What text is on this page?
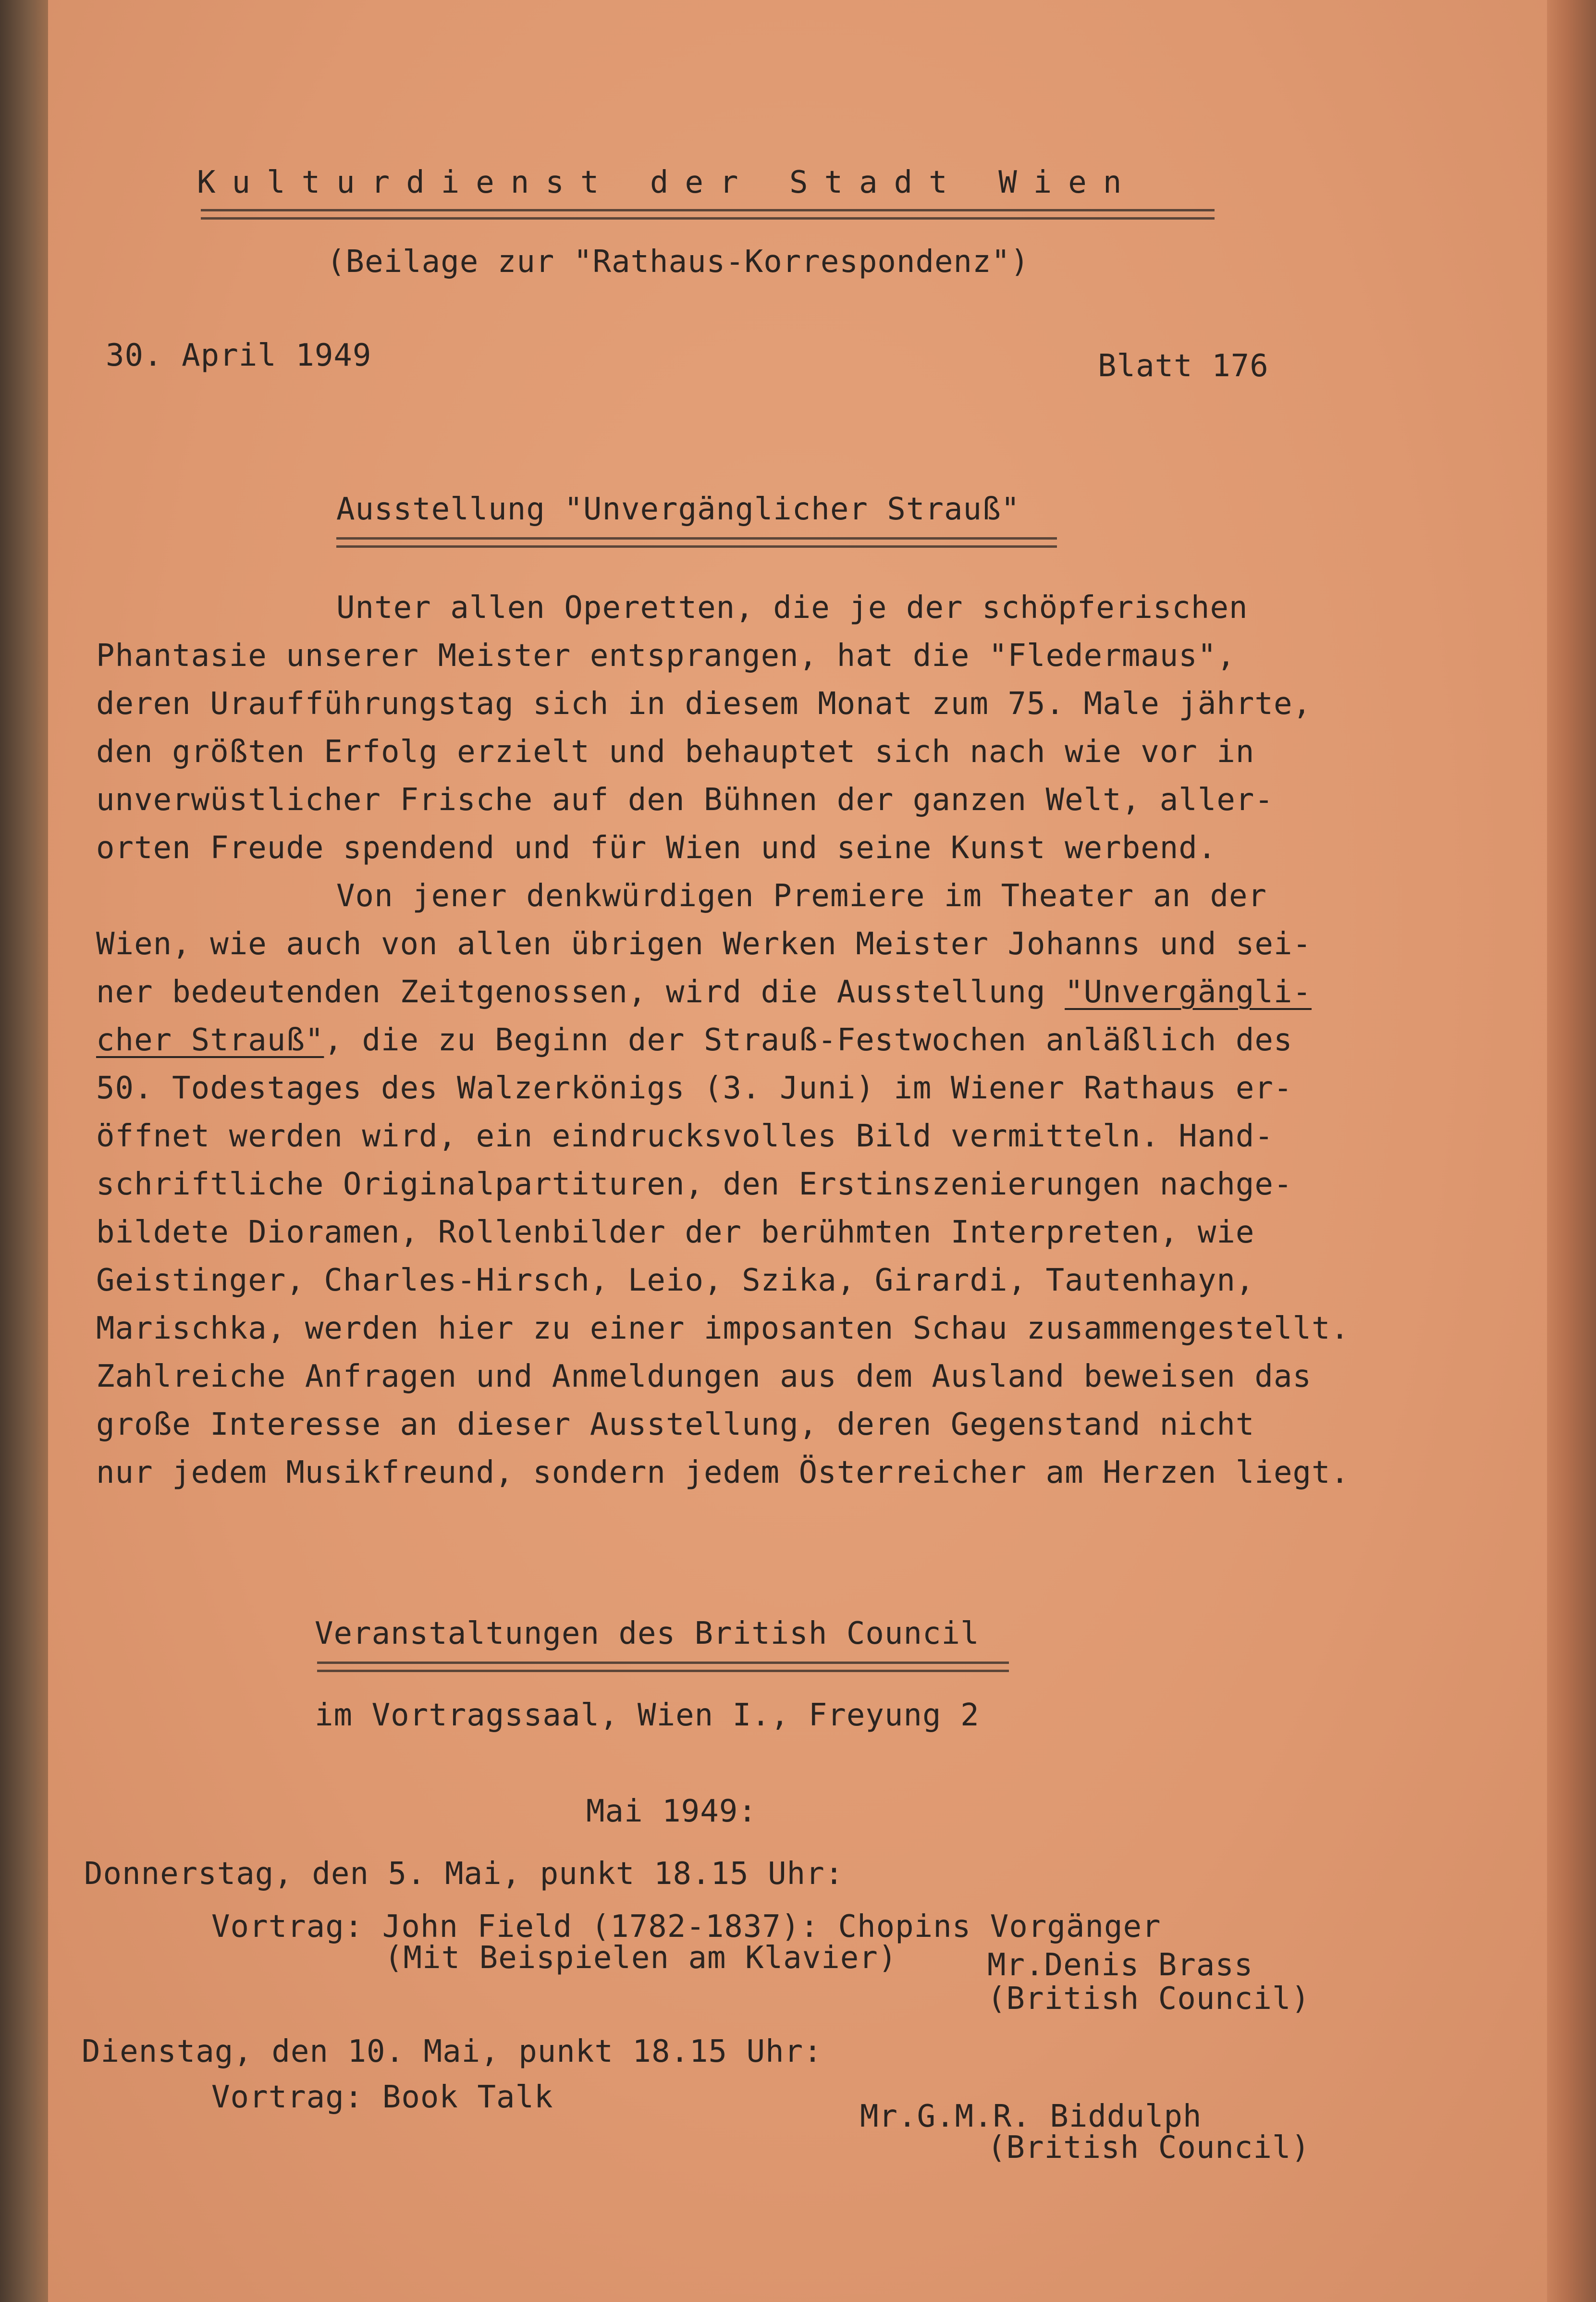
Kulturdienst der Stadt Wien
(Beilage zur "Rathaus-Korrespondenz")
30. April 1949	Blatt 176
Ausstellung "Unvergänglicher Strauß"
Unter allen Operetten, die je der schöpferischen
Phantasie unserer Meister entsprangen, hat die "Fledermaus",
deren Uraufführungstag sich in diesem Monat zum 75. Male jährte,
den größten Erfolg erzielt und behauptet sich nach wie vor in
unverwüstlicher Frische auf den Bühnen der ganzen Welt, aller-
orten Freude spendend und für Wien und seine Kunst werbend.
Von jener denkwürdigen Premiere im Theater an der
Wien, wie auch von allen übrigen Werken Meister Johanns und sei-
ner bedeutenden Zeitgenossen, wird die Ausstellung "Unvergängli-
cher Strauß", die zu Beginn der Strauß-Festwochen anläßlich des
50. Todestages des Walzerkönigs (3. Juni) im Wiener Rathaus er-
öffnet werden wird, ein eindrucksvolles Bild vermitteln. Hand-
schriftliche Originalpartituren, den Erstinszenierungen nachge-
bildete Dioramen, Rollenbilder der berühmten Interpreten, wie
Geistinger, Charles-Hirsch, Leio, Szika, Girardi, Tautenhayn,
Marischka, werden hier zu einer imposanten Schau zusammengestellt.
Zahlreiche Anfragen und Anmeldungen aus dem Ausland beweisen das
große Interesse an dieser Ausstellung, deren Gegenstand nicht
nur jedem Musikfreund, sondern jedem Österreicher am Herzen liegt.
Veranstaltungen des British Council
im Vortragssaal, Wien I., Freyung 2
Mai 1949:
Donnerstag, den 5. Mai, punkt 18.15 Uhr:
Vortrag: John Field (1782-1837): Chopins Vorgänger
(Mit Beispielen am Klavier)	Mr.Denis Brass
(British Council)
Dienstag, den 10. Mai, punkt 18.15 Uhr:
Vortrag: Book Talk
Mr.G.M.R. Biddulph
(British Council)
